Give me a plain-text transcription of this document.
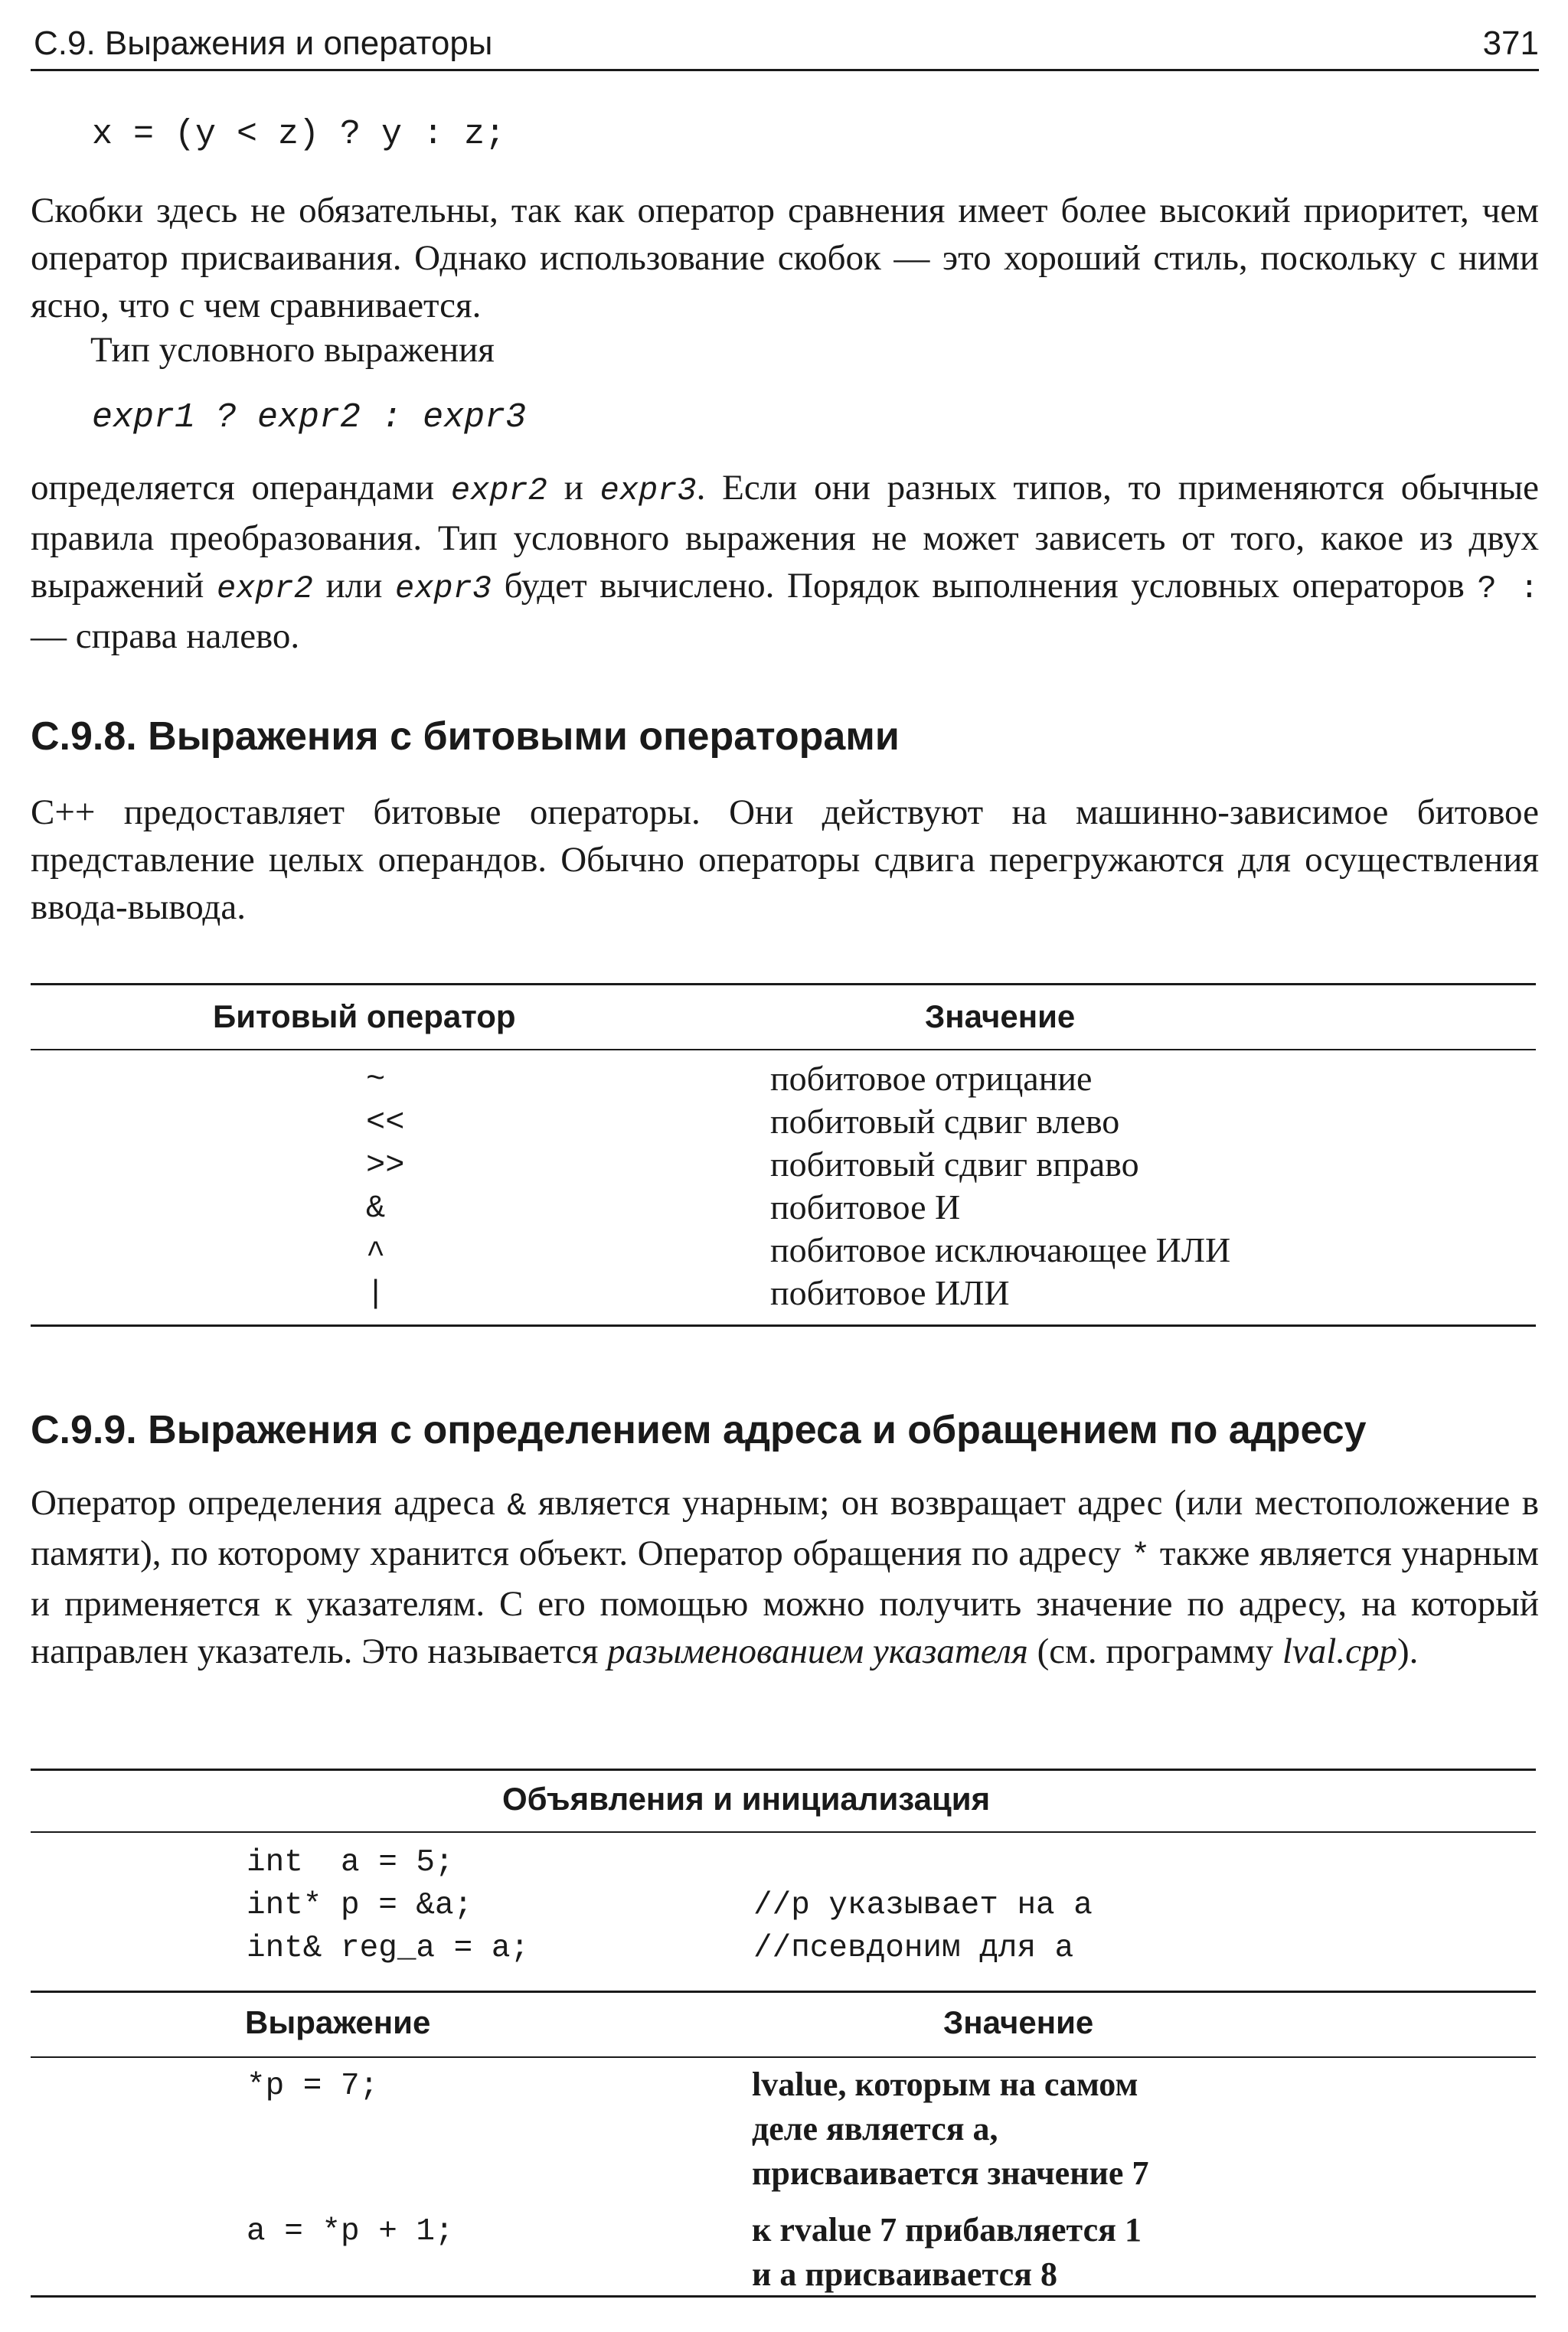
С.9. Выражения и операторы	371
x = (y < z) ? y : z;

Скобки здесь не обязательны, так как оператор сравнения имеет более высокий приоритет, чем оператор присваивания. Однако использование скобок — это хороший стиль, поскольку с ними ясно, что с чем сравнивается.

Тип условного выражения

expr1 ? expr2 : expr3

определяется операндами expr2 и expr3. Если они разных типов, то применяются обычные правила преобразования. Тип условного выражения не может зависеть от того, какое из двух выражений expr2 или expr3 будет вычислено. Порядок выполнения условных операторов ? : — справа налево.

С.9.8. Выражения с битовыми операторами

C++ предоставляет битовые операторы. Они действуют на машинно-зависимое битовое представление целых операндов. Обычно операторы сдвига перегружаются для осуществления ввода-вывода.

Битовый оператор	Значение
~	побитовое отрицание
<<	побитовый сдвиг влево
>>	побитовый сдвиг вправо
&	побитовое И
^	побитовое исключающее ИЛИ
|	побитовое ИЛИ
С.9.9. Выражения с определением адреса и обращением по адресу

Оператор определения адреса & является унарным; он возвращает адрес (или местоположение в памяти), по которому хранится объект. Оператор обращения по адресу * также является унарным и применяется к указателям. С его помощью можно получить значение по адресу, на который направлен указатель. Это называется разыменованием указателя (см. программу lval.cpp).

Объявления и инициализация
int  a = 5;
int* p = &a;	//p указывает на a
int& reg_a = a;	//псевдоним для a
Выражение	Значение
*p = 7;	lvalue, которым на самом
деле является a,
присваивается значение 7
a = *p + 1;	к rvalue 7 прибавляется 1
и a присваивается 8
